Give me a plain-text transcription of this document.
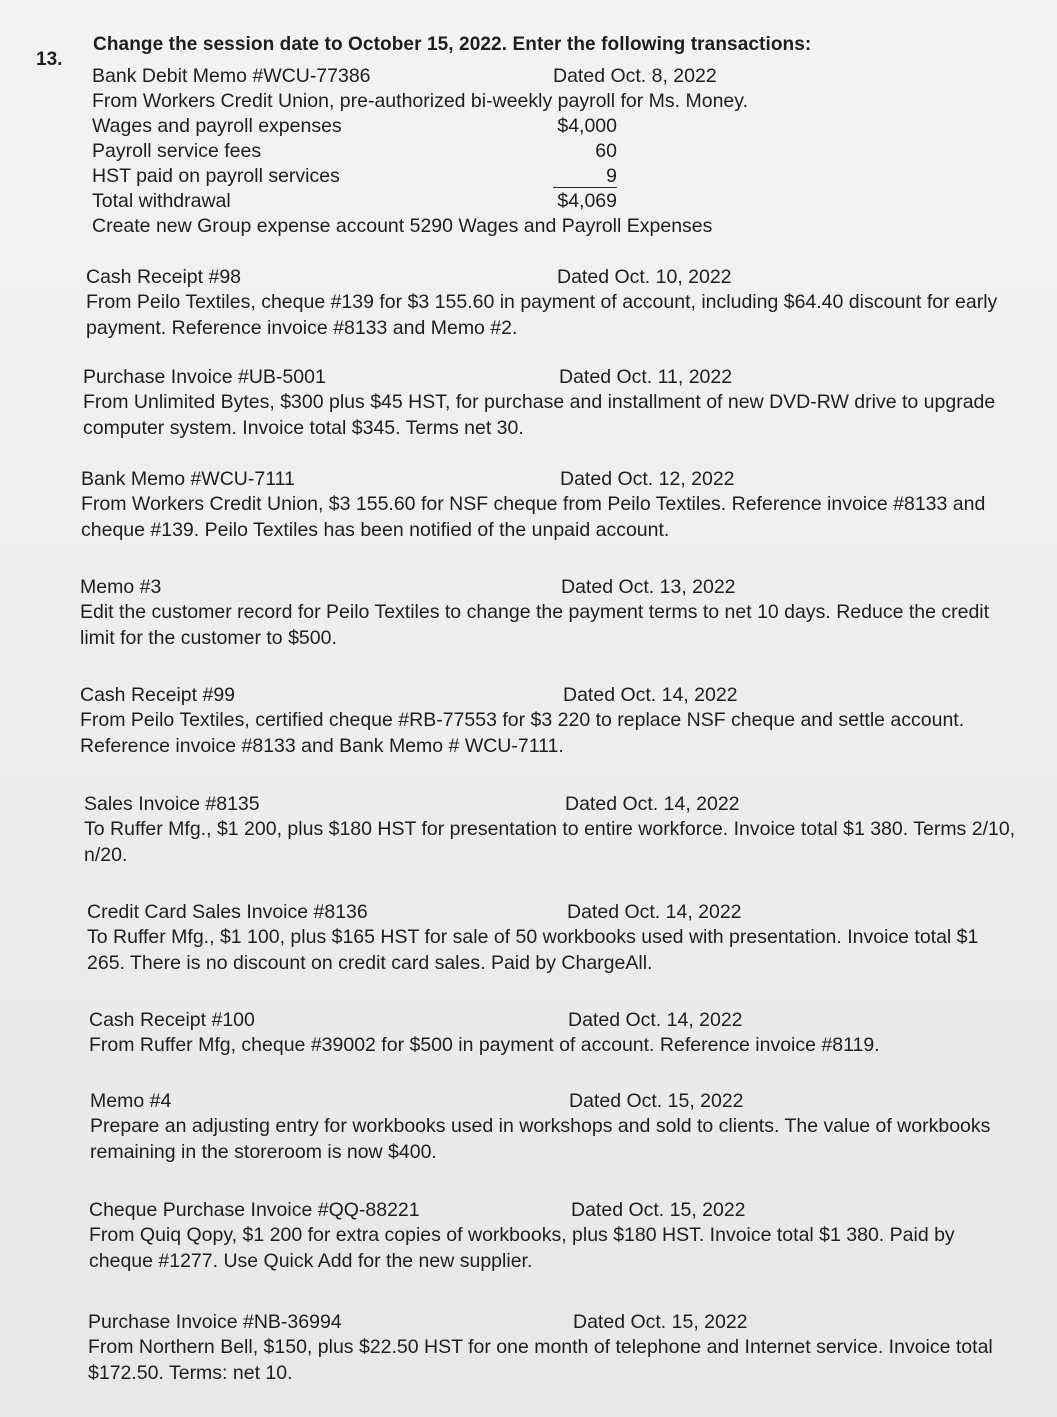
13.
Change the session date to October 15, 2022. Enter the following transactions:
Bank Debit Memo #WCU-77386	Dated Oct. 8, 2022
From Workers Credit Union, pre-authorized bi-weekly payroll for Ms. Money.
Wages and payroll expenses	$4,000
Payroll service fees	60
HST paid on payroll services	9
Total withdrawal	$4,069
Create new Group expense account 5290 Wages and Payroll Expenses
Cash Receipt #98	Dated Oct. 10, 2022
From Peilo Textiles, cheque #139 for $3 155.60 in payment of account, including $64.40 discount for early payment. Reference invoice #8133 and Memo #2.
Purchase Invoice #UB-5001	Dated Oct. 11, 2022
From Unlimited Bytes, $300 plus $45 HST, for purchase and installment of new DVD-RW drive to upgrade computer system. Invoice total $345. Terms net 30.
Bank Memo #WCU-7111	Dated Oct. 12, 2022
From Workers Credit Union, $3 155.60 for NSF cheque from Peilo Textiles. Reference invoice #8133 and cheque #139. Peilo Textiles has been notified of the unpaid account.
Memo #3	Dated Oct. 13, 2022
Edit the customer record for Peilo Textiles to change the payment terms to net 10 days. Reduce the credit limit for the customer to $500.
Cash Receipt #99	Dated Oct. 14, 2022
From Peilo Textiles, certified cheque #RB-77553 for $3 220 to replace NSF cheque and settle account. Reference invoice #8133 and Bank Memo # WCU-7111.
Sales Invoice #8135	Dated Oct. 14, 2022
To Ruffer Mfg., $1 200, plus $180 HST for presentation to entire workforce. Invoice total $1 380. Terms 2/10, n/20.
Credit Card Sales Invoice #8136	Dated Oct. 14, 2022
To Ruffer Mfg., $1 100, plus $165 HST for sale of 50 workbooks used with presentation. Invoice total $1 265. There is no discount on credit card sales. Paid by ChargeAll.
Cash Receipt #100	Dated Oct. 14, 2022
From Ruffer Mfg, cheque #39002 for $500 in payment of account. Reference invoice #8119.
Memo #4	Dated Oct. 15, 2022
Prepare an adjusting entry for workbooks used in workshops and sold to clients. The value of workbooks remaining in the storeroom is now $400.
Cheque Purchase Invoice #QQ-88221	Dated Oct. 15, 2022
From Quiq Qopy, $1 200 for extra copies of workbooks, plus $180 HST. Invoice total $1 380. Paid by cheque #1277. Use Quick Add for the new supplier.
Purchase Invoice #NB-36994	Dated Oct. 15, 2022
From Northern Bell, $150, plus $22.50 HST for one month of telephone and Internet service. Invoice total $172.50. Terms: net 10.
